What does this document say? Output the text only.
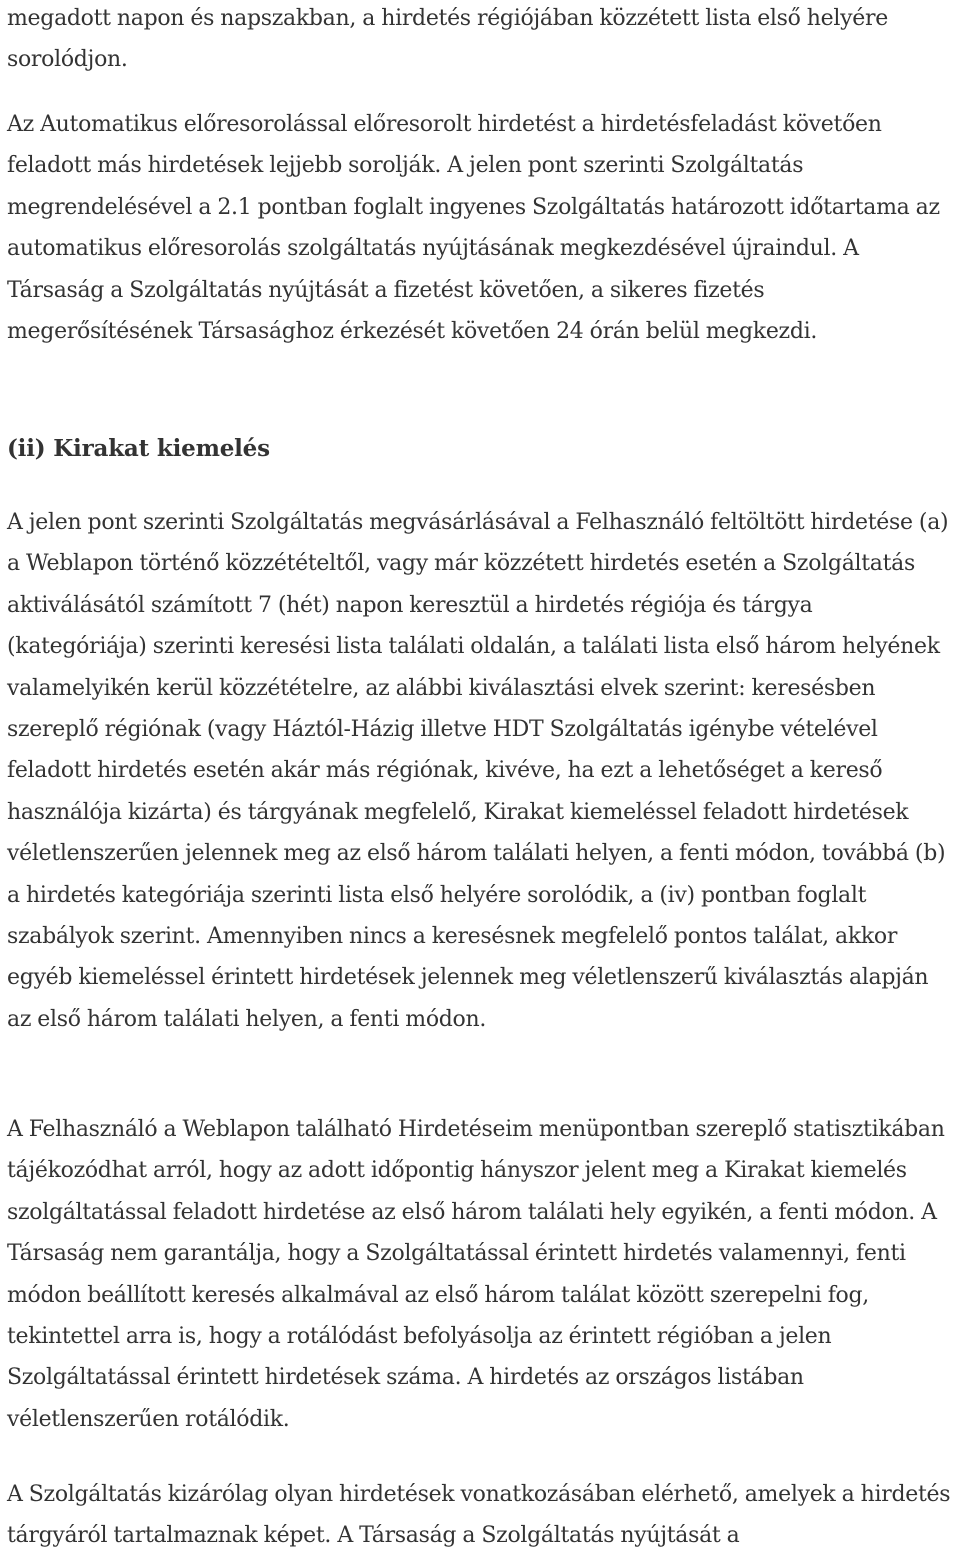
megadott napon és napszakban, a hirdetés régiójában közzétett lista első helyére sorolódjon.

Az Automatikus előresorolással előresorolt hirdetést a hirdetésfeladást követően feladott más hirdetések lejjebb sorolják. A jelen pont szerinti Szolgáltatás megrendelésével a 2.1 pontban foglalt ingyenes Szolgáltatás határozott időtartama az automatikus előresorolás szolgáltatás nyújtásának megkezdésével újraindul. A Társaság a Szolgáltatás nyújtását a fizetést követően, a sikeres fizetés megerősítésének Társasághoz érkezését követően 24 órán belül megkezdi.

(ii) Kirakat kiemelés

A jelen pont szerinti Szolgáltatás megvásárlásával a Felhasználó feltöltött hirdetése (a) a Weblapon történő közzétételtől, vagy már közzétett hirdetés esetén a Szolgáltatás aktiválásától számított 7 (hét) napon keresztül a hirdetés régiója és tárgya (kategóriája) szerinti keresési lista találati oldalán, a találati lista első három helyének valamelyikén kerül közzétételre, az alábbi kiválasztási elvek szerint: keresésben szereplő régiónak (vagy Háztól-Házig illetve HDT Szolgáltatás igénybe vételével feladott hirdetés esetén akár más régiónak, kivéve, ha ezt a lehetőséget a kereső használója kizárta) és tárgyának megfelelő, Kirakat kiemeléssel feladott hirdetések véletlenszerűen jelennek meg az első három találati helyen, a fenti módon, továbbá (b) a hirdetés kategóriája szerinti lista első helyére sorolódik, a (iv) pontban foglalt szabályok szerint. Amennyiben nincs a keresésnek megfelelő pontos találat, akkor egyéb kiemeléssel érintett hirdetések jelennek meg véletlenszerű kiválasztás alapján az első három találati helyen, a fenti módon.

A Felhasználó a Weblapon található Hirdetéseim menüpontban szereplő statisztikában tájékozódhat arról, hogy az adott időpontig hányszor jelent meg a Kirakat kiemelés szolgáltatással feladott hirdetése az első három találati hely egyikén, a fenti módon. A Társaság nem garantálja, hogy a Szolgáltatással érintett hirdetés valamennyi, fenti módon beállított keresés alkalmával az első három találat között szerepelni fog, tekintettel arra is, hogy a rotálódást befolyásolja az érintett régióban a jelen Szolgáltatással érintett hirdetések száma. A hirdetés az országos listában véletlenszerűen rotálódik.

A Szolgáltatás kizárólag olyan hirdetések vonatkozásában elérhető, amelyek a hirdetés tárgyáról tartalmaznak képet. A Társaság a Szolgáltatás nyújtását a
